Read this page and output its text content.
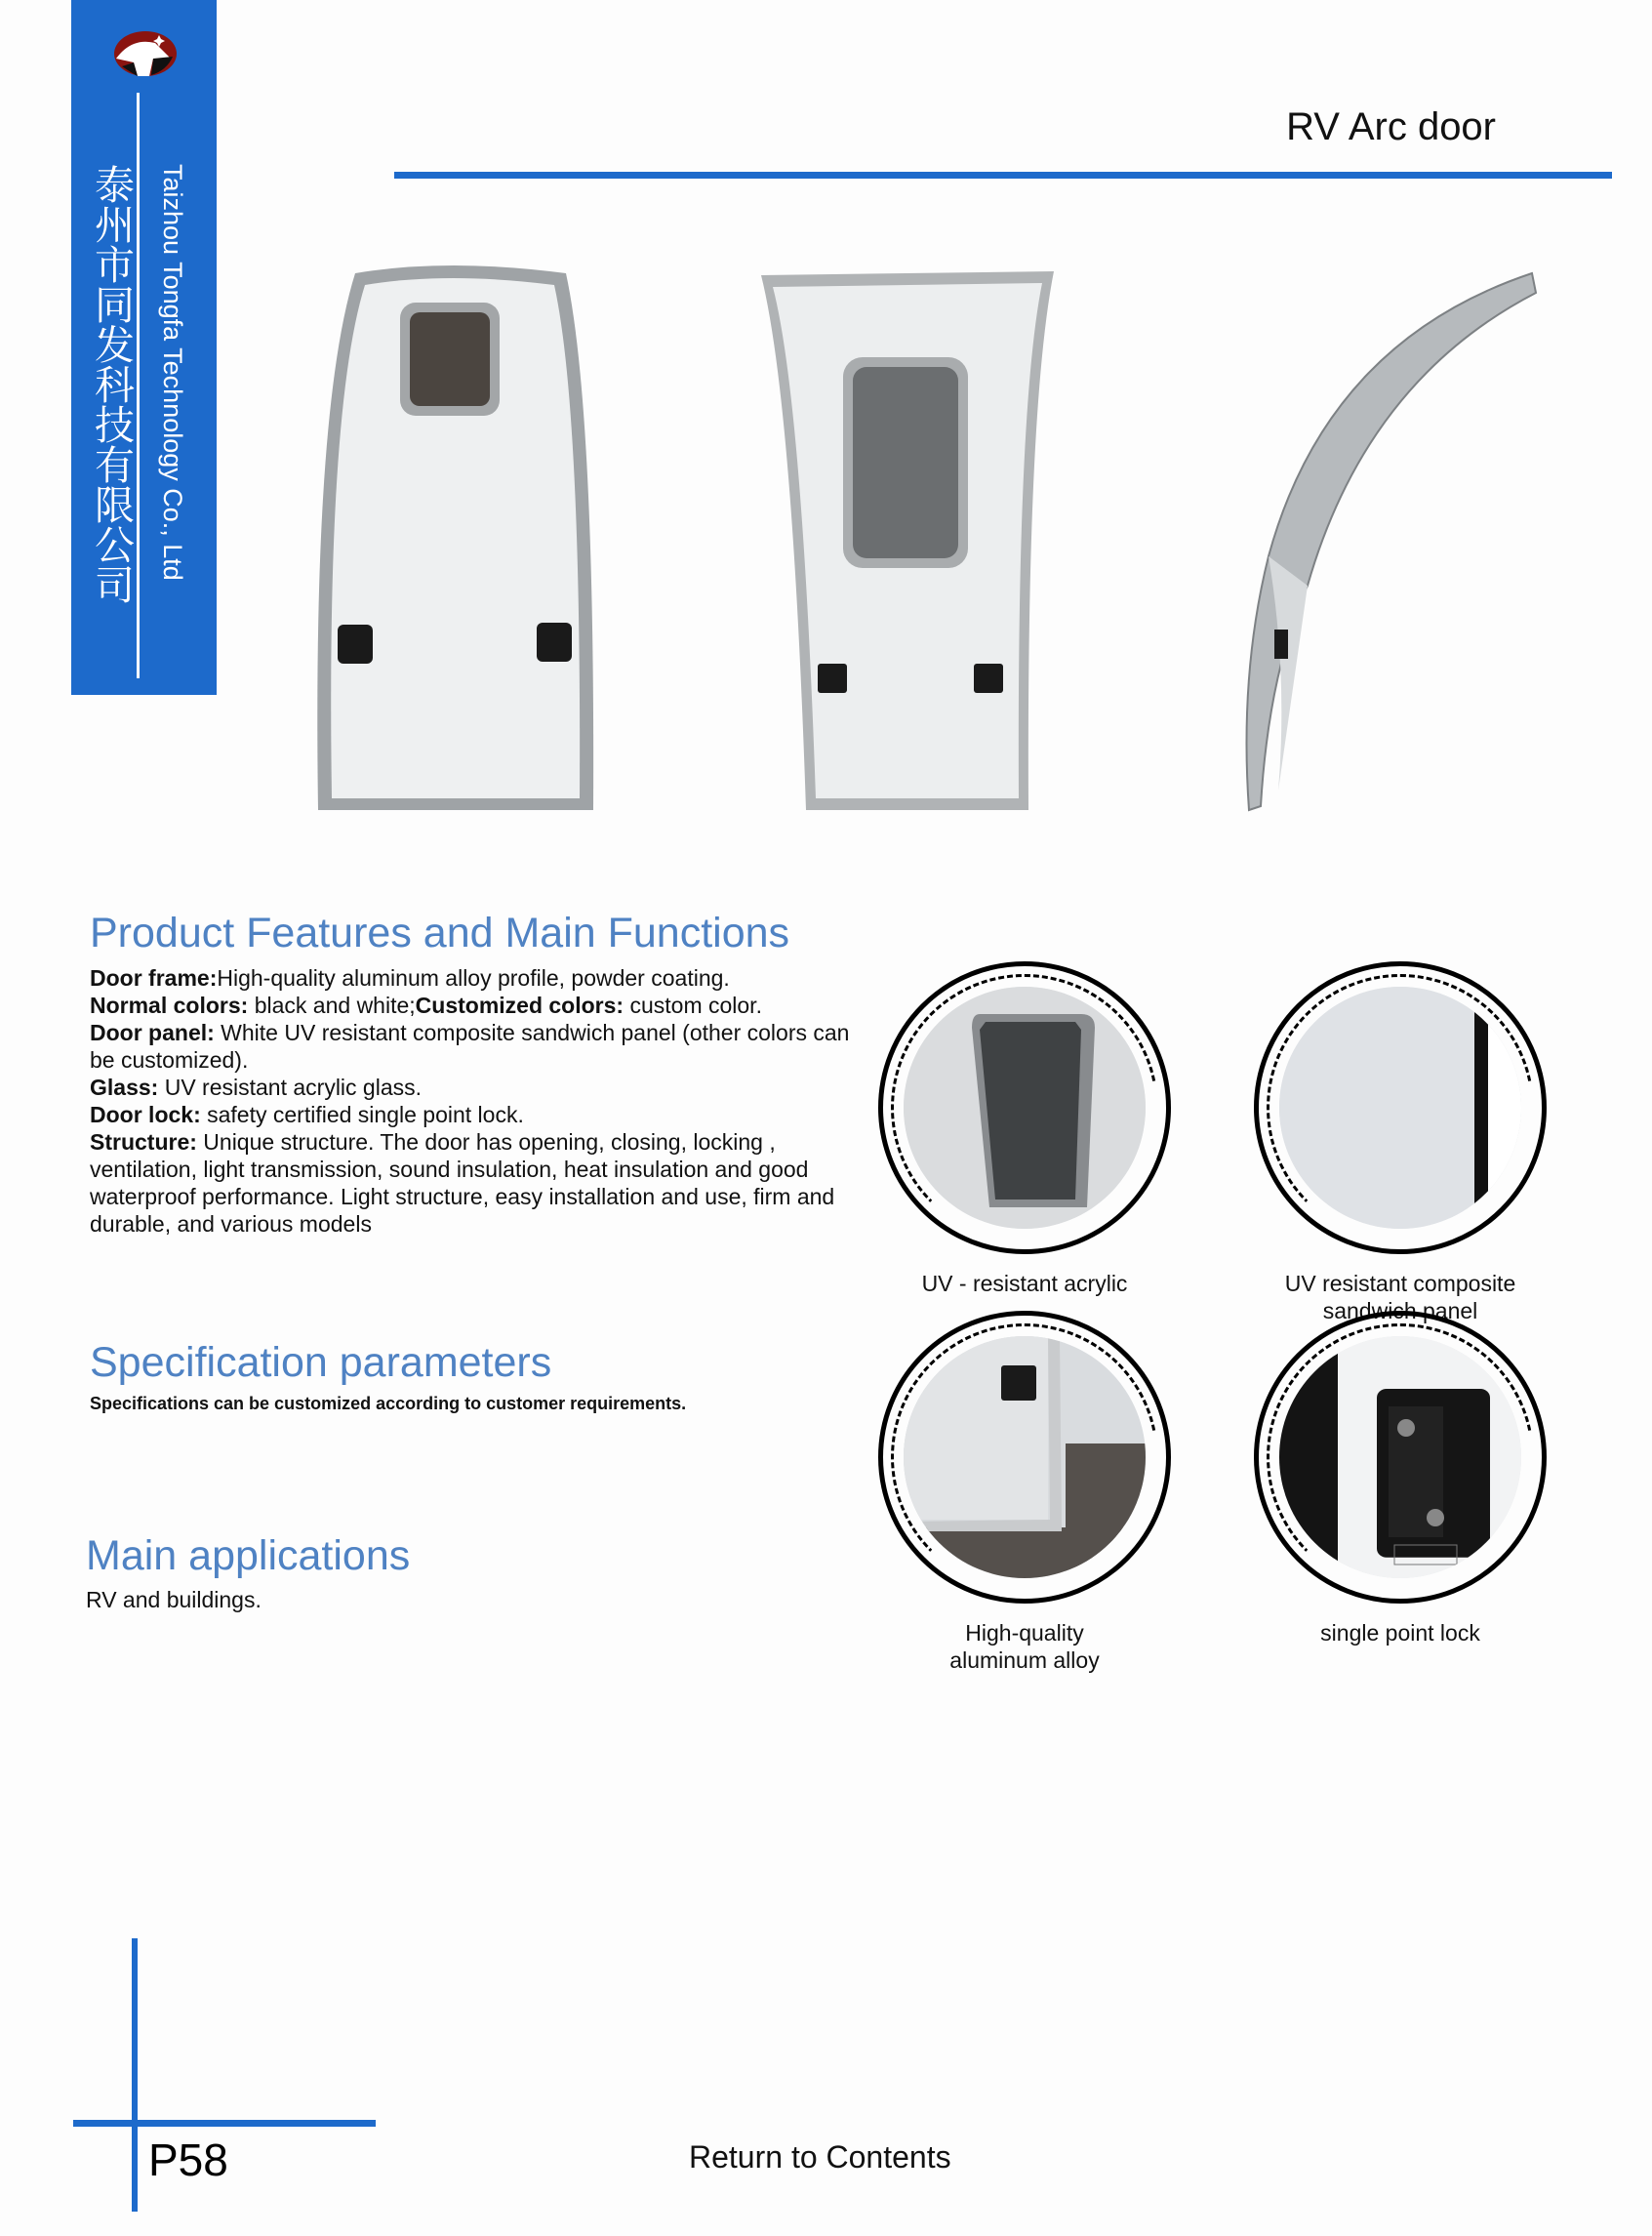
泰州市同发科技有限公司 Taizhou Tongfa Technology Co., Ltd
RV Arc door
Product Features and Main Functions
Door frame:High-quality aluminum alloy profile, powder coating.
Normal colors: black and white;Customized colors: custom color.
Door panel: White UV resistant composite sandwich panel (other colors can be customized).
Glass: UV resistant acrylic glass.
Door lock: safety certified single point lock.
Structure: Unique structure. The door has opening, closing, locking , ventilation, light transmission, sound insulation, heat insulation and good waterproof performance. Light structure, easy installation and use, firm and durable, and various models
Specification parameters
Specifications can be customized according to customer requirements.
Main applications
RV and buildings.
UV - resistant acrylic	UV resistant composite
sandwich panel
High-quality
aluminum alloy
single point lock
P58	Return to Contents
